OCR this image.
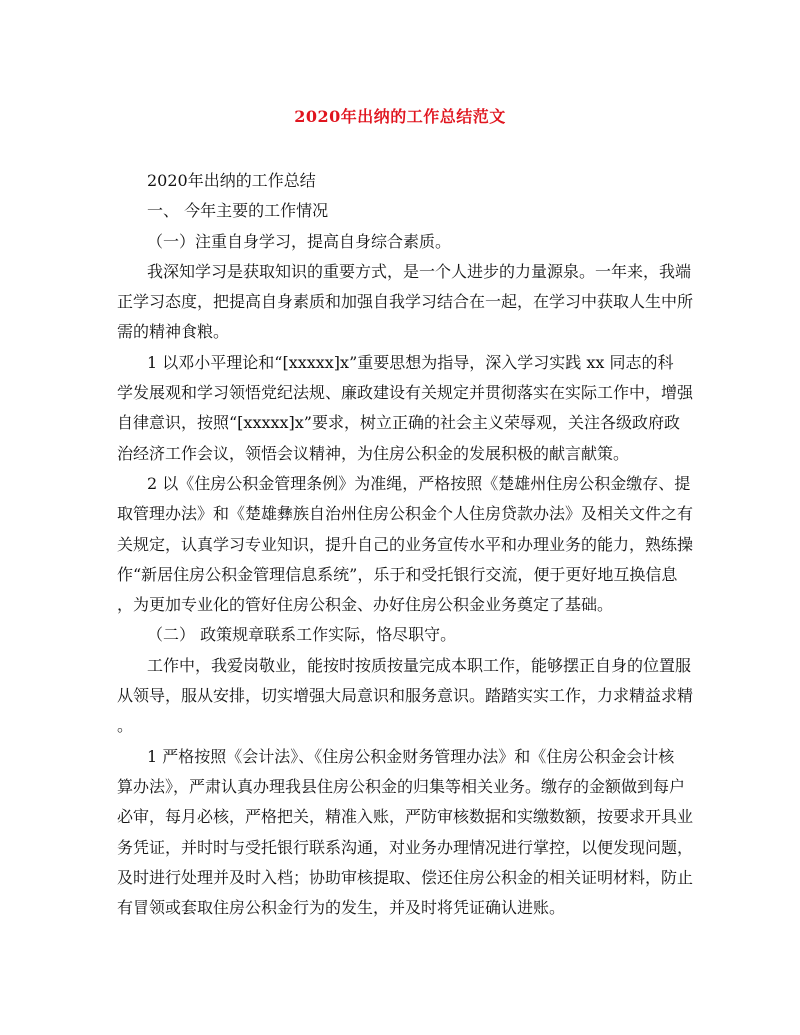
2020年出纳的工作总结范文

2020年出纳的工作总结

一、 今年主要的工作情况

（一）注重自身学习，提高自身综合素质。

我深知学习是获取知识的重要方式，是一个人进步的力量源泉。一年来，我端

正学习态度，把提高自身素质和加强自我学习结合在一起，在学习中获取人生中所

需的精神食粮。

1 以邓小平理论和“[xxxxx]x”重要思想为指导，深入学习实践 xx 同志的科

学发展观和学习领悟党纪法规、廉政建设有关规定并贯彻落实在实际工作中，增强

自律意识，按照“[xxxxx]x”要求，树立正确的社会主义荣辱观，关注各级政府政

治经济工作会议，领悟会议精神，为住房公积金的发展积极的献言献策。

2 以《住房公积金管理条例》为准绳，严格按照《楚雄州住房公积金缴存、提

取管理办法》和《楚雄彝族自治州住房公积金个人住房贷款办法》及相关文件之有

关规定，认真学习专业知识，提升自己的业务宣传水平和办理业务的能力，熟练操

作“新居住房公积金管理信息系统”，乐于和受托银行交流，便于更好地互换信息

，为更加专业化的管好住房公积金、办好住房公积金业务奠定了基础。

（二） 政策规章联系工作实际，恪尽职守。

工作中，我爱岗敬业，能按时按质按量完成本职工作，能够摆正自身的位置服

从领导，服从安排，切实增强大局意识和服务意识。踏踏实实工作，力求精益求精

。

1 严格按照《会计法》、《住房公积金财务管理办法》和《住房公积金会计核

算办法》，严肃认真办理我县住房公积金的归集等相关业务。缴存的金额做到每户

必审，每月必核，严格把关，精准入账，严防审核数据和实缴数额，按要求开具业

务凭证，并时时与受托银行联系沟通，对业务办理情况进行掌控，以便发现问题，

及时进行处理并及时入档；协助审核提取、偿还住房公积金的相关证明材料，防止

有冒领或套取住房公积金行为的发生，并及时将凭证确认进账。
